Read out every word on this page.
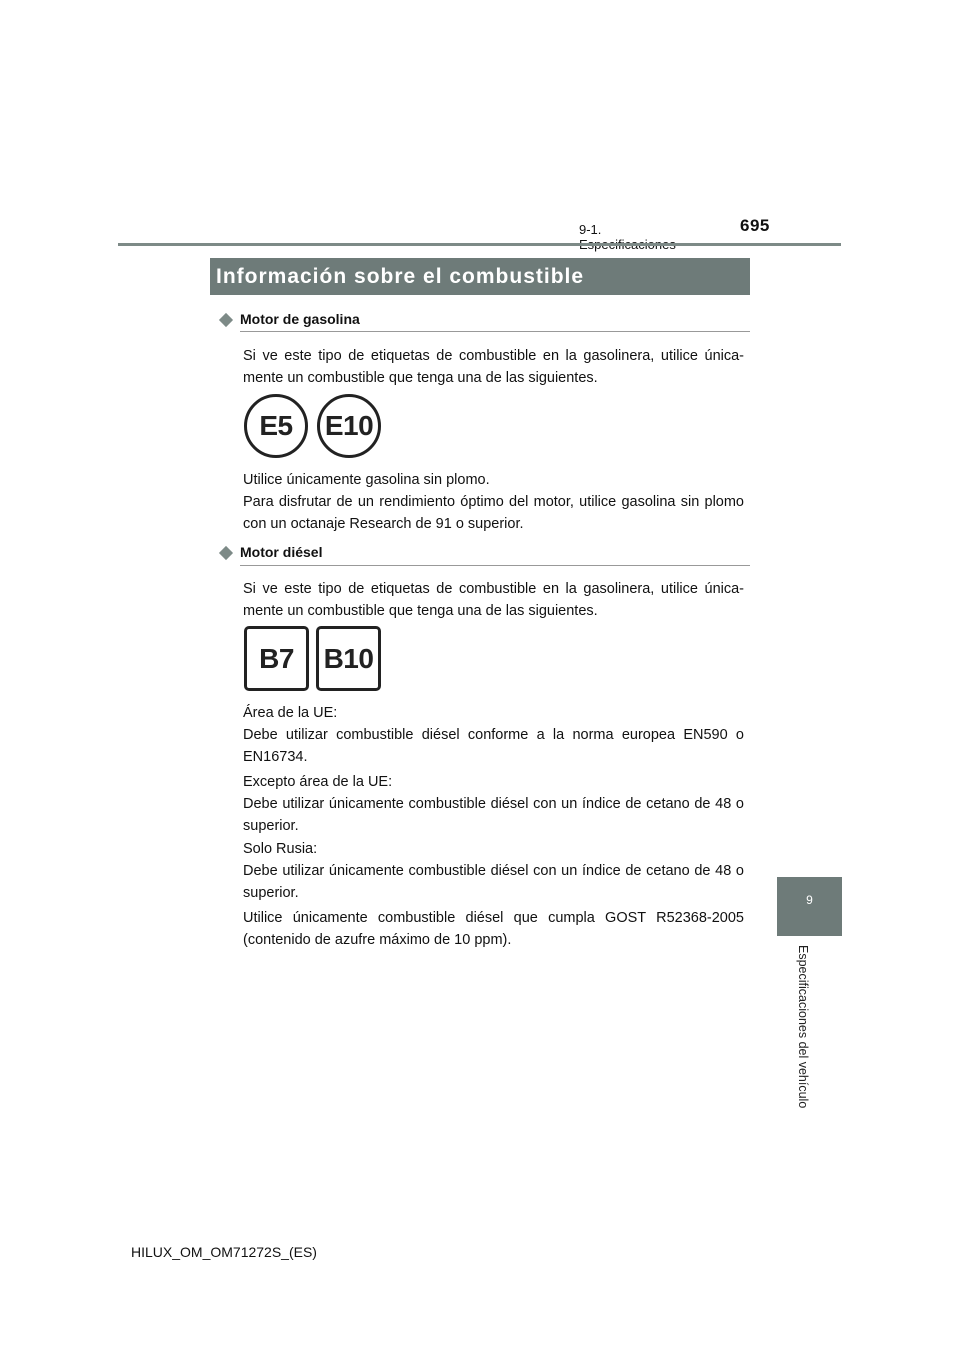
9-1.	695
Información sobre el combustible
Motor de gasolina

Si ve este tipo de etiquetas de combustible en la gasolinera, utilice única-mente un combustible que tenga una de las siguientes.

E5	E10

Utilice únicamente gasolina sin plomo.

Para disfrutar de un rendimiento óptimo del motor, utilice gasolina sin plomo con un octanaje Research de 91 o superior.

Motor diésel

Si ve este tipo de etiquetas de combustible en la gasolinera, utilice única-mente un combustible que tenga una de las siguientes.

B7	B10

Área de la UE:

Debe utilizar combustible diésel conforme a la norma europea EN590 o EN16734.

Excepto área de la UE:

Debe utilizar únicamente combustible diésel con un índice de cetano de 48 o superior.

Solo Rusia:

Debe utilizar únicamente combustible diésel con un índice de cetano de 48 o superior.

Utilice únicamente combustible diésel que cumpla GOST R52368-2005 (contenido de azufre máximo de 10 ppm).

9
Especificaciones del vehículo
HILUX_OM_OM71272S_(ES)
